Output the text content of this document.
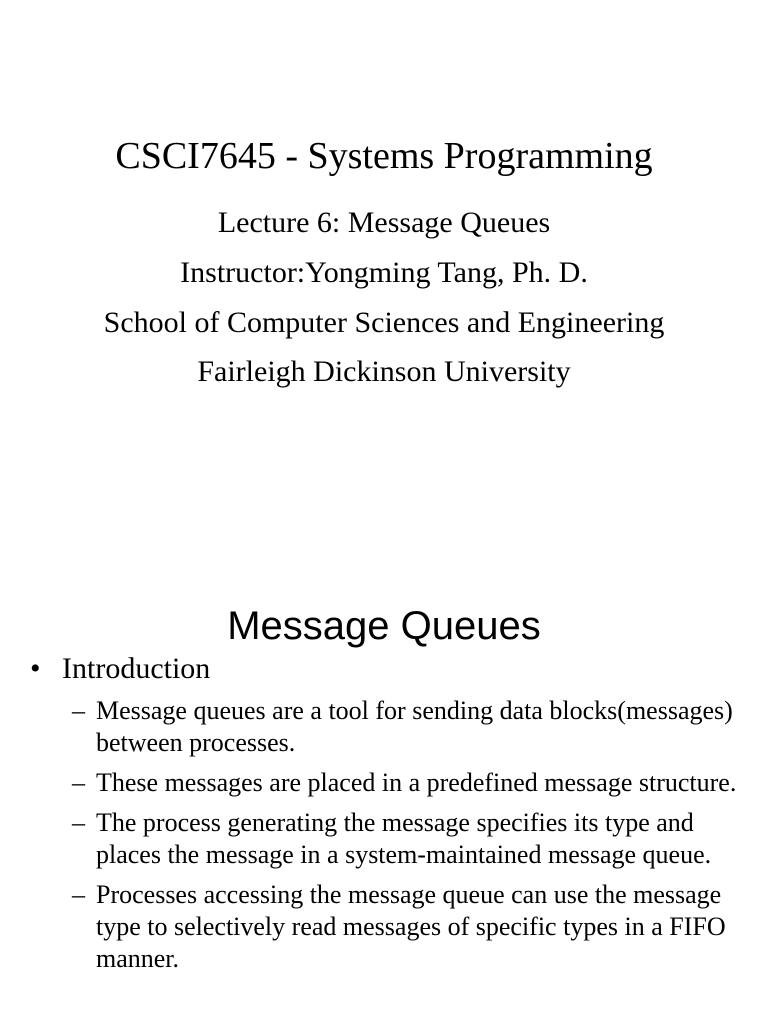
CSCI7645 - Systems Programming
Lecture 6: Message Queues
Instructor:Yongming Tang, Ph. D.
School of Computer Sciences and Engineering
Fairleigh Dickinson University
Message Queues
• Introduction
– Message queues are a tool for sending data blocks(messages) between processes.
– These messages are placed in a predefined message structure.
– The process generating the message specifies its type and places the message in a system-maintained message queue.
– Processes accessing the message queue can use the message type to selectively read messages of specific types in a FIFO manner.
